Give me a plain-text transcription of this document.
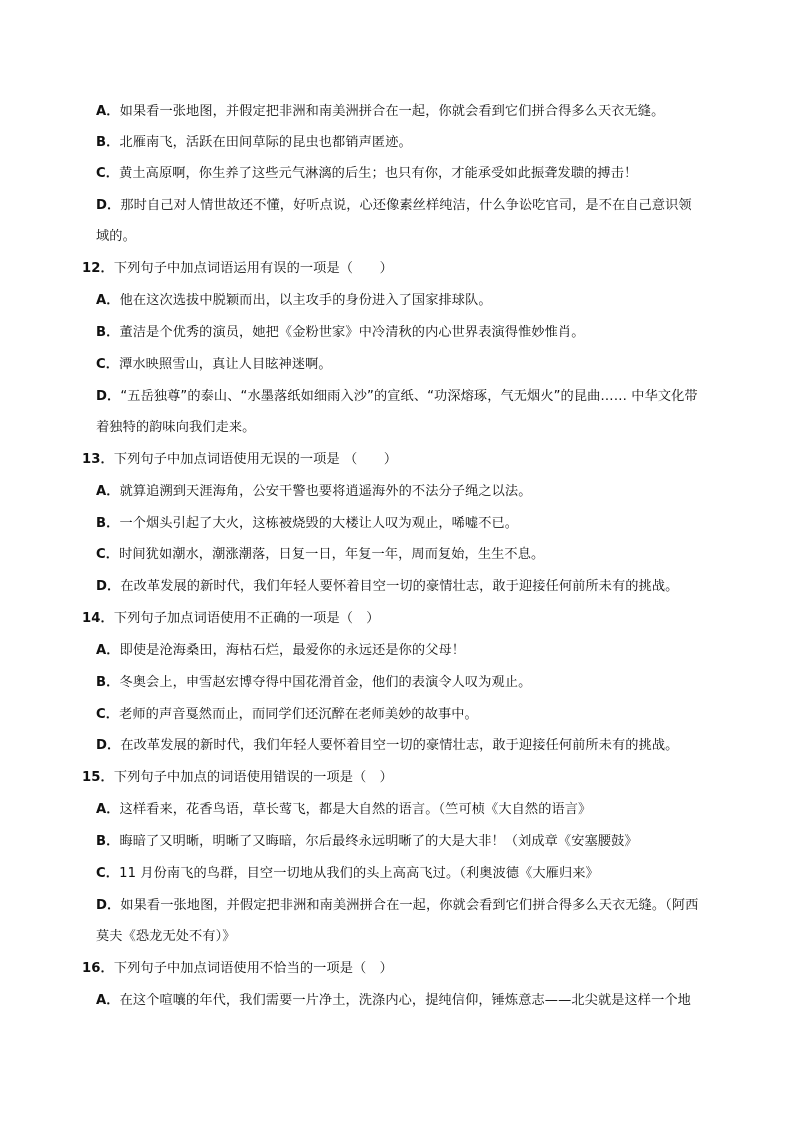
A．如果看一张地图，并假定把非洲和南美洲拼合在一起，你就会看到它们拼合得多么天衣无缝。
B．北雁南飞，活跃在田间草际的昆虫也都销声匿迹。
C．黄土高原啊，你生养了这些元气淋漓的后生；也只有你，才能承受如此振聋发聩的搏击！
D．那时自己对人情世故还不懂，好听点说，心还像素丝样纯洁，什么争讼吃官司，是不在自己意识领
域的。
12．下列句子中加点词语运用有误的一项是（　　）
A．他在这次选拔中脱颖而出，以主攻手的身份进入了国家排球队。
B．董洁是个优秀的演员，她把《金粉世家》中冷清秋的内心世界表演得惟妙惟肖。
C．潭水映照雪山，真让人目眩神迷啊。
D．“五岳独尊”的泰山、“水墨落纸如细雨入沙”的宣纸、“功深熔琢，气无烟火”的昆曲…… 中华文化带
着独特的韵味向我们走来。
13．下列句子中加点词语使用无误的一项是 （　　）
A．就算追溯到天涯海角，公安干警也要将逍遥海外的不法分子绳之以法。
B．一个烟头引起了大火，这栋被烧毁的大楼让人叹为观止，唏嘘不已。
C．时间犹如潮水，潮涨潮落，日复一日，年复一年，周而复始，生生不息。
D．在改革发展的新时代，我们年轻人要怀着目空一切的豪情壮志，敢于迎接任何前所未有的挑战。
14．下列句子加点词语使用不正确的一项是（　）
A．即使是沧海桑田，海枯石烂，最爱你的永远还是你的父母！
B．冬奥会上，申雪赵宏博夺得中国花滑首金，他们的表演令人叹为观止。
C．老师的声音戛然而止，而同学们还沉醉在老师美妙的故事中。
D．在改革发展的新时代，我们年轻人要怀着目空一切的豪情壮志，敢于迎接任何前所未有的挑战。
15．下列句子中加点的词语使用错误的一项是（　）
A．这样看来，花香鸟语，草长莺飞，都是大自然的语言。（竺可桢《大自然的语言》
B．晦暗了又明晰，明晰了又晦暗，尔后最终永远明晰了的大是大非！（刘成章《安塞腰鼓》
C．11 月份南飞的鸟群，目空一切地从我们的头上高高飞过。（利奥波德《大雁归来》
D．如果看一张地图，并假定把非洲和南美洲拼合在一起，你就会看到它们拼合得多么天衣无缝。（阿西
莫夫《恐龙无处不有）》
16．下列句子中加点词语使用不恰当的一项是（　）
A．在这个喧嚷的年代，我们需要一片净土，洗涤内心，提纯信仰，锤炼意志——北尖就是这样一个地
